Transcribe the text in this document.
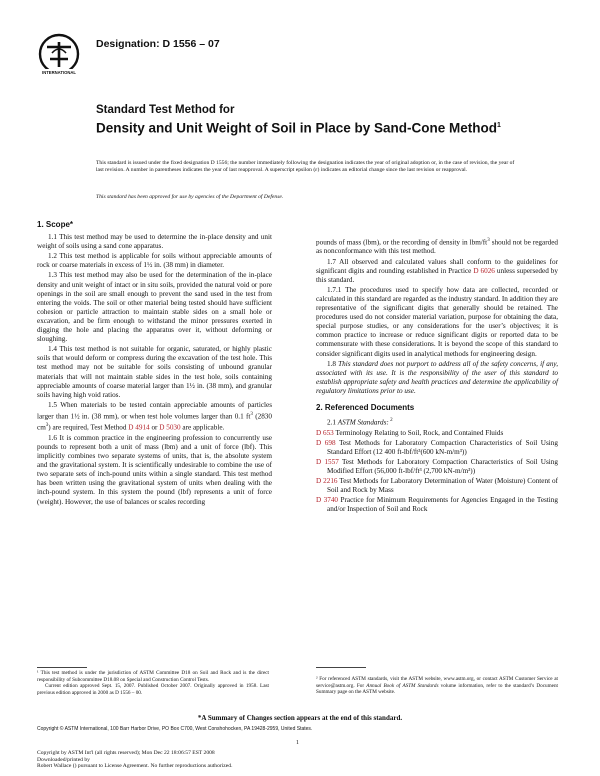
INTERNATIONAL
Designation: D 1556 – 07
Standard Test Method for
Density and Unit Weight of Soil in Place by Sand-Cone Method$^1$
This standard is issued under the fixed designation D 1556; the number immediately following the designation indicates the year of original adoption or, in the case of revision, the year of last revision. A number in parentheses indicates the year of last reapproval. A superscript epsilon (ε) indicates an editorial change since the last revision or reapproval.
This standard has been approved for use by agencies of the Department of Defense.
1. Scope*

1.1 This test method may be used to determine the in-place density and unit weight of soils using a sand cone apparatus.

1.2 This test method is applicable for soils without appreciable amounts of rock or coarse materials in excess of 1½ in. (38 mm) in diameter.

1.3 This test method may also be used for the determination of the in-place density and unit weight of intact or in situ soils, provided the natural void or pore openings in the soil are small enough to prevent the sand used in the test from entering the voids. The soil or other material being tested should have sufficient cohesion or particle attraction to maintain stable sides on a small hole or excavation, and be firm enough to withstand the minor pressures exerted in digging the hole and placing the apparatus over it, without deforming or sloughing.

1.4 This test method is not suitable for organic, saturated, or highly plastic soils that would deform or compress during the excavation of the test hole. This test method may not be suitable for soils consisting of unbound granular materials that will not maintain stable sides in the test hole, soils containing appreciable amounts of coarse material larger than 1½ in. (38 mm), and granular soils having high void ratios.

1.5 When materials to be tested contain appreciable amounts of particles larger than 1½ in. (38 mm), or when test hole volumes larger than 0.1 $ft^3$ (2830 $cm^3$) are required, Test Method D 4914 or D 5030 are applicable.

1.6 It is common practice in the engineering profession to concurrently use pounds to represent both a unit of mass (lbm) and a unit of force (lbf). This implicitly combines two separate systems of units, that is, the absolute system and the gravitational system. It is scientifically undesirable to combine the use of two separate sets of inch-pound units within a single standard. This test method has been written using the gravitational system of units when dealing with the inch-pound system. In this system the pound (lbf) represents a unit of force (weight). However, the use of balances or scales recording

pounds of mass (lbm), or the recording of density in lbm/$ft^3$ should not be regarded as nonconformance with this test method.

1.7 All observed and calculated values shall conform to the guidelines for significant digits and rounding established in Practice D 6026 unless superseded by this standard.

1.7.1 The procedures used to specify how data are collected, recorded or calculated in this standard are regarded as the industry standard. In addition they are representative of the significant digits that generally should be retained. The procedures used do not consider material variation, purpose for obtaining the data, special purpose studies, or any considerations for the user’s objectives; it is common practice to increase or reduce significant digits or reported data to be commensurate with these considerations. It is beyond the scope of this standard to consider significant digits used in analytical methods for engineering design.

1.8 This standard does not purport to address all of the safety concerns, if any, associated with its use. It is the responsibility of the user of this standard to establish appropriate safety and health practices and determine the applicability of regulatory limitations prior to use.

2. Referenced Documents

2.1 ASTM Standards: $^2$

D 653 Terminology Relating to Soil, Rock, and Contained Fluids
D 698 Test Methods for Laboratory Compaction Characteristics of Soil Using Standard Effort (12 400 ft-lbf/ft³(600 kN-m/m³))
D 1557 Test Methods for Laboratory Compaction Characteristics of Soil Using Modified Effort (56,000 ft-lbf/ft³ (2,700 kN-m/m³))
D 2216 Test Methods for Laboratory Determination of Water (Moisture) Content of Soil and Rock by Mass
D 3740 Practice for Minimum Requirements for Agencies Engaged in the Testing and/or Inspection of Soil and Rock
¹ This test method is under the jurisdiction of ASTM Committee D18 on Soil and Rock and is the direct responsibility of Subcommittee D18.08 on Special and Construction Control Tests.
Current edition approved Sept. 15, 2007. Published October 2007. Originally approved in 1958. Last previous edition approved in 2000 as D 1556 – 00.
² For referenced ASTM standards, visit the ASTM website, www.astm.org, or contact ASTM Customer Service at service@astm.org. For Annual Book of ASTM Standards volume information, refer to the standard’s Document Summary page on the ASTM website.
*A Summary of Changes section appears at the end of this standard.
Copyright © ASTM International, 100 Barr Harbor Drive, PO Box C700, West Conshohocken, PA 19428-2959, United States.
1
Copyright by ASTM Int'l (all rights reserved); Mon Dec 22 18:06:57 EST 2008
Downloaded/printed by
Robert Wallace () pursuant to License Agreement. No further reproductions authorized.
